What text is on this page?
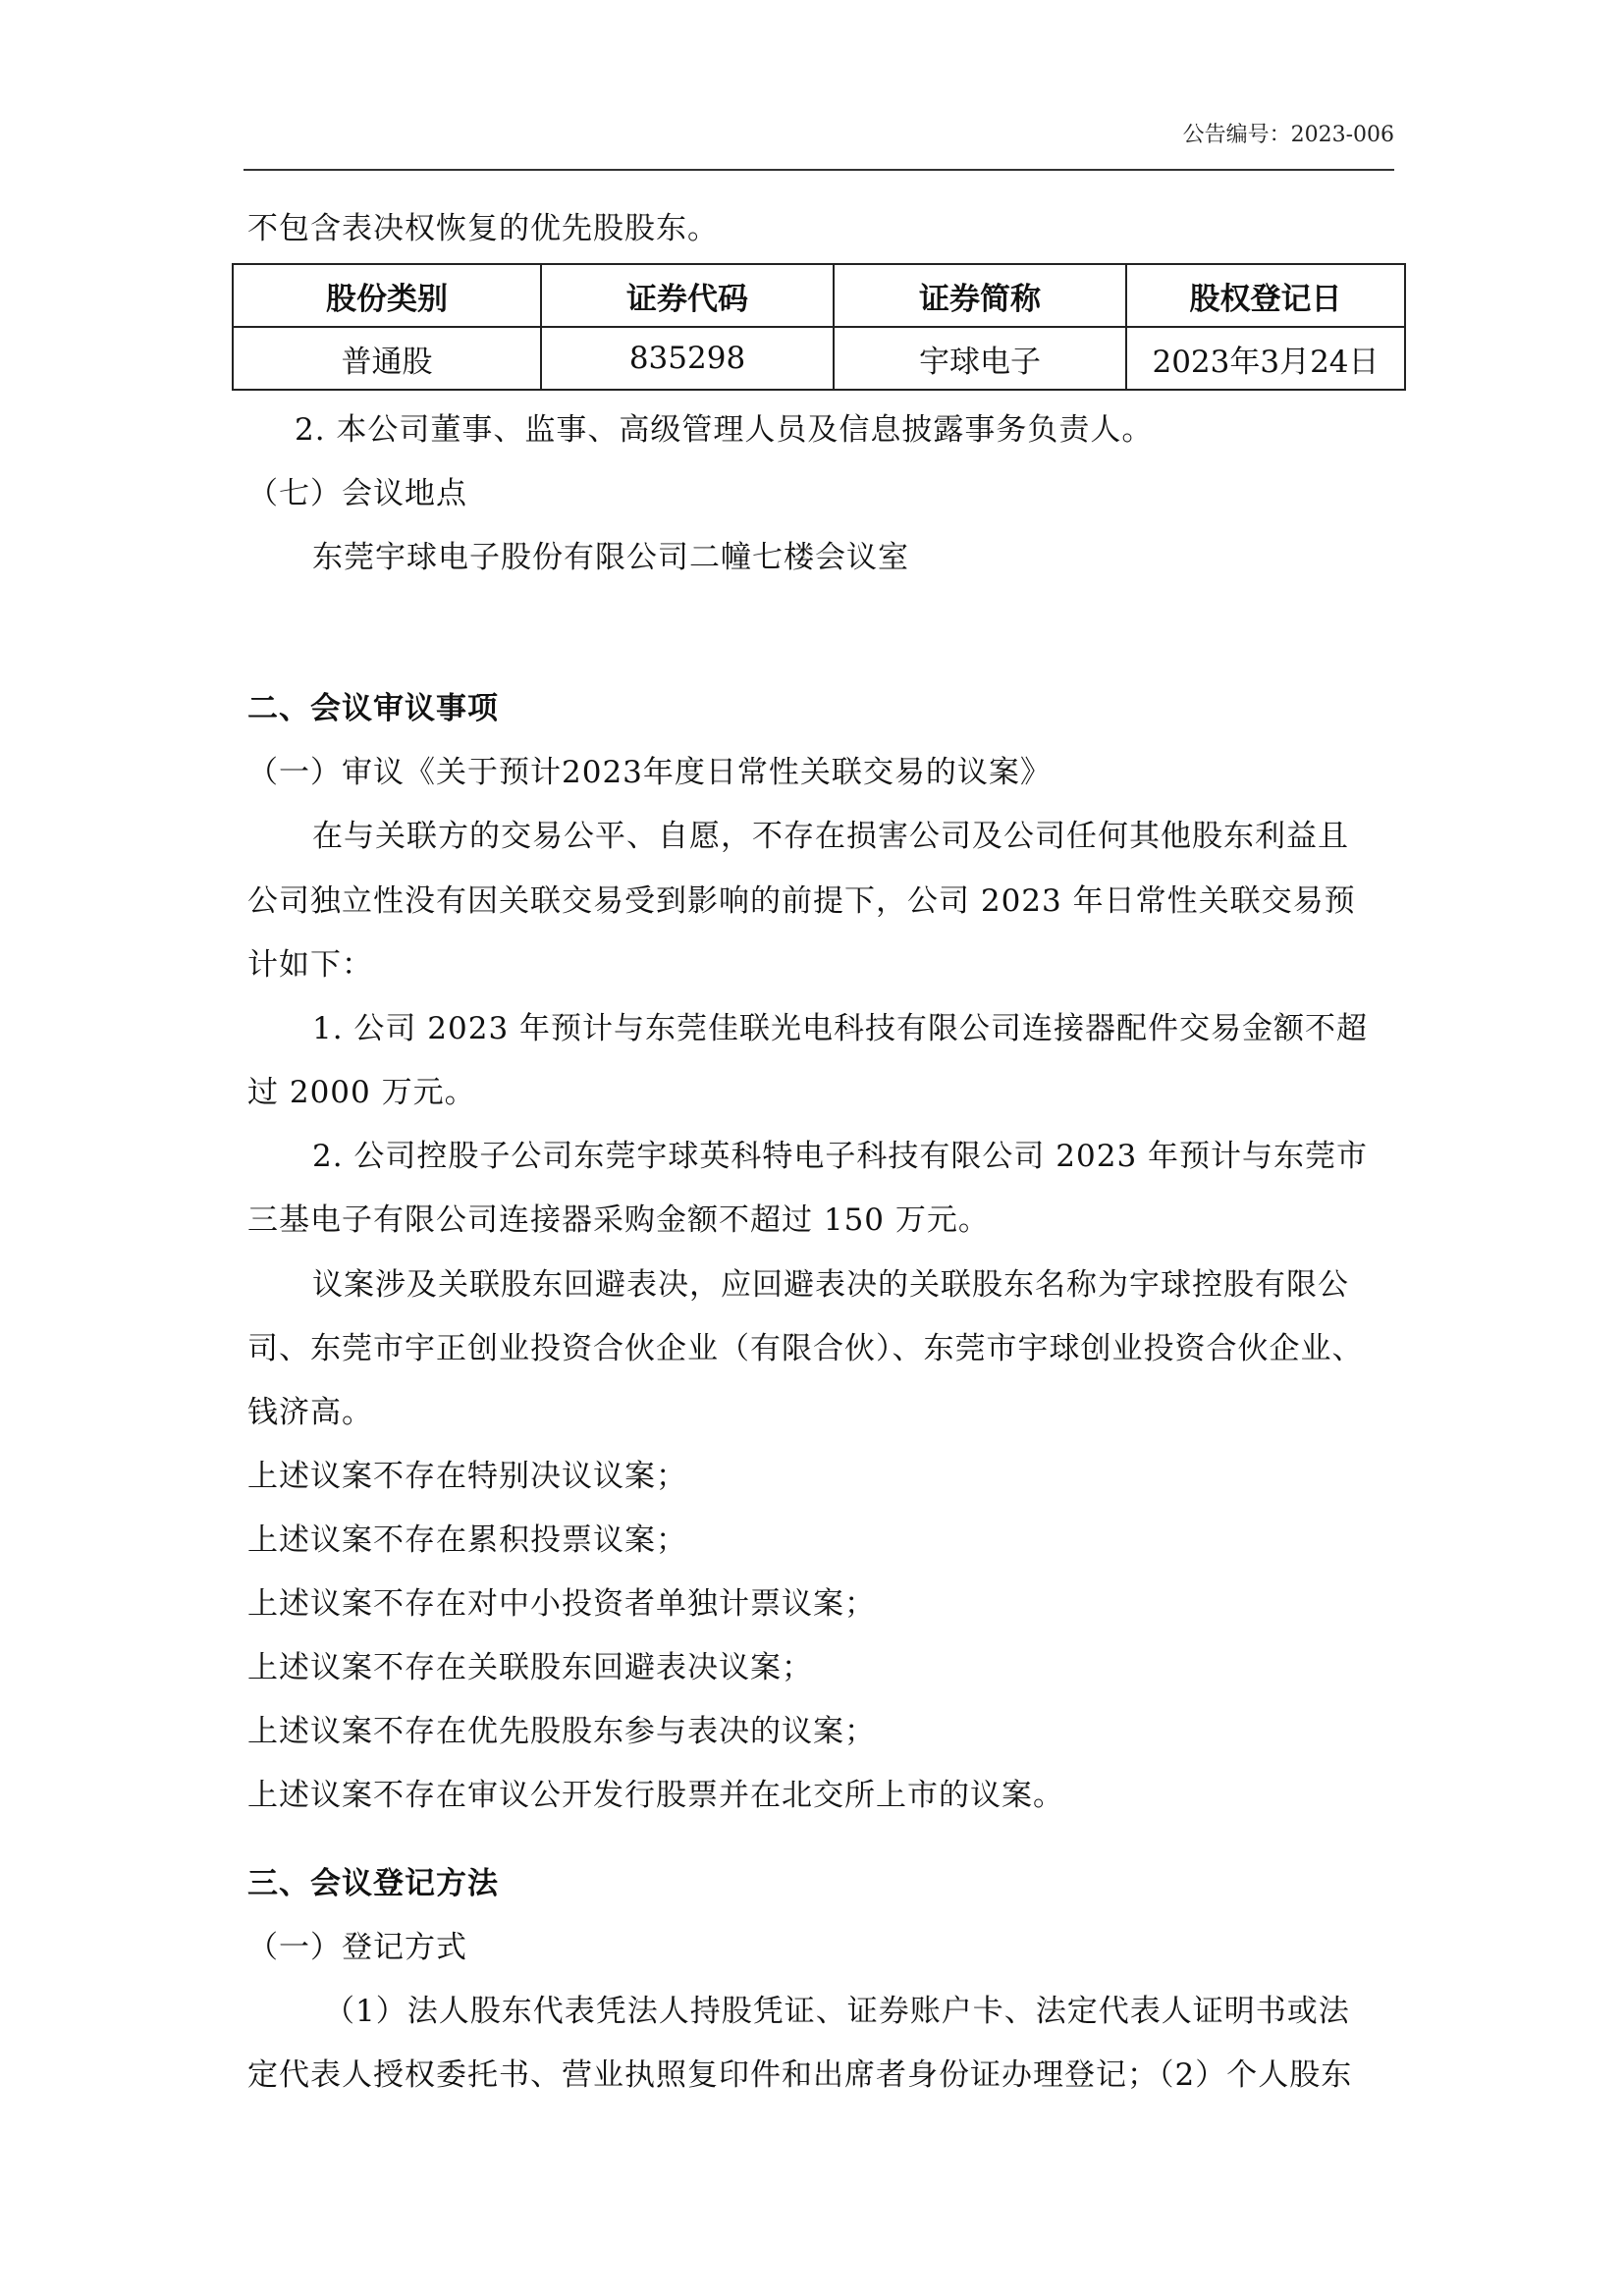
公告编号：2023-006
不包含表决权恢复的优先股股东。
股份类别	证券代码	证券简称	股权登记日
普通股	835298	宇球电子	2023年3月24日
2. 本公司董事、监事、高级管理人员及信息披露事务负责人。
（七）会议地点
东莞宇球电子股份有限公司二幢七楼会议室
二、会议审议事项
（一）审议《关于预计2023年度日常性关联交易的议案》
在与关联方的交易公平、自愿，不存在损害公司及公司任何其他股东利益且
公司独立性没有因关联交易受到影响的前提下，公司 2023 年日常性关联交易预
计如下：
1. 公司 2023 年预计与东莞佳联光电科技有限公司连接器配件交易金额不超
过 2000 万元。
2. 公司控股子公司东莞宇球英科特电子科技有限公司 2023 年预计与东莞市
三基电子有限公司连接器采购金额不超过 150 万元。
议案涉及关联股东回避表决，应回避表决的关联股东名称为宇球控股有限公
司、东莞市宇正创业投资合伙企业（有限合伙）、东莞市宇球创业投资合伙企业、
钱济高。
上述议案不存在特别决议议案；
上述议案不存在累积投票议案；
上述议案不存在对中小投资者单独计票议案；
上述议案不存在关联股东回避表决议案；
上述议案不存在优先股股东参与表决的议案；
上述议案不存在审议公开发行股票并在北交所上市的议案。
三、会议登记方法
（一）登记方式
（1）法人股东代表凭法人持股凭证、证券账户卡、法定代表人证明书或法
定代表人授权委托书、营业执照复印件和出席者身份证办理登记；（2）个人股东
